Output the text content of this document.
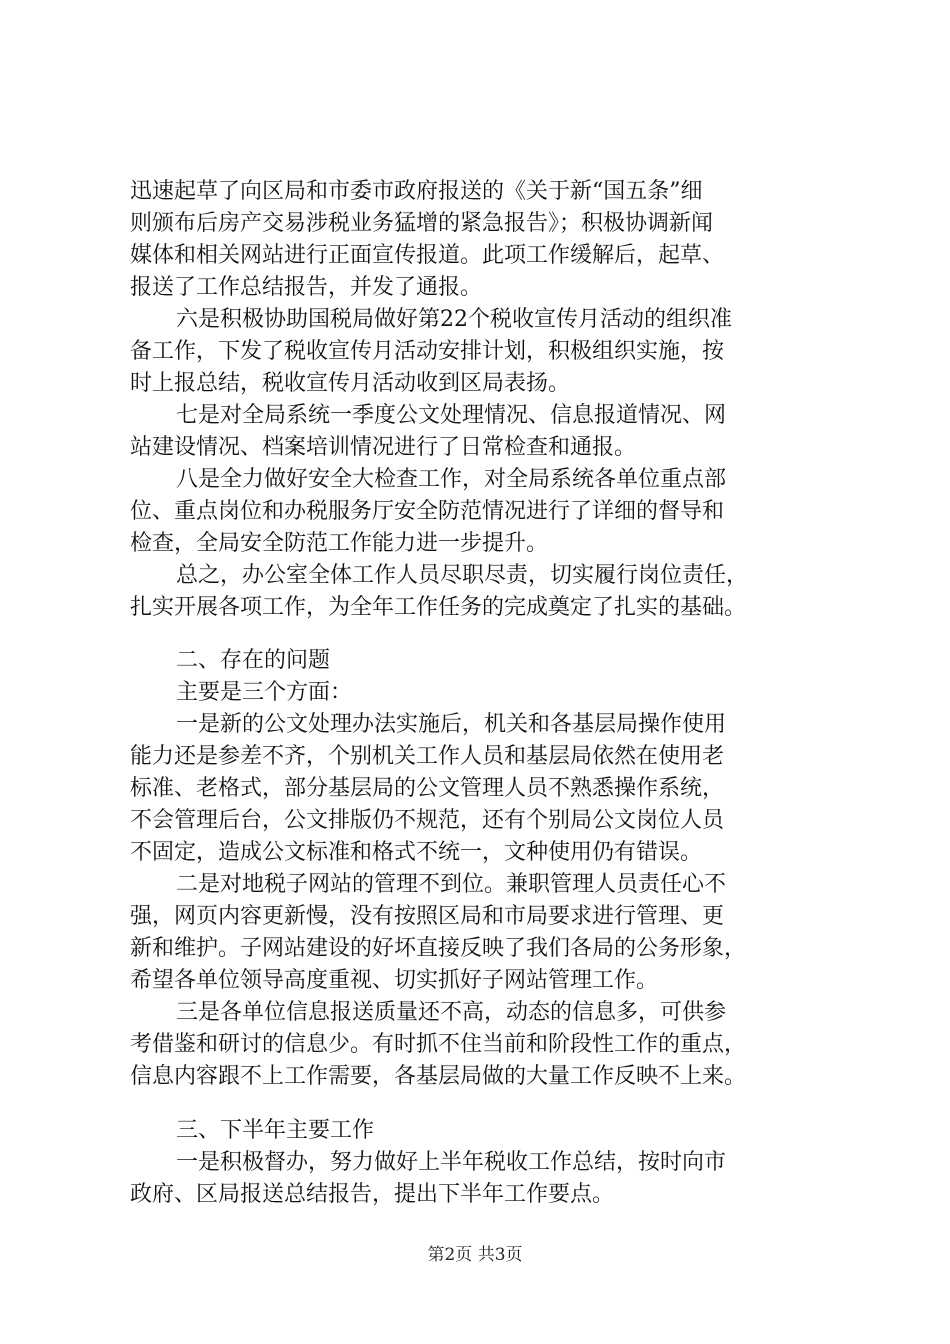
迅速起草了向区局和市委市政府报送的《关于新“国五条”细
则颁布后房产交易涉税业务猛增的紧急报告》；积极协调新闻
媒体和相关网站进行正面宣传报道。此项工作缓解后，起草、
报送了工作总结报告，并发了通报。
六是积极协助国税局做好第22个税收宣传月活动的组织准
备工作，下发了税收宣传月活动安排计划，积极组织实施，按
时上报总结，税收宣传月活动收到区局表扬。
七是对全局系统一季度公文处理情况、信息报道情况、网
站建设情况、档案培训情况进行了日常检查和通报。
八是全力做好安全大检查工作，对全局系统各单位重点部
位、重点岗位和办税服务厅安全防范情况进行了详细的督导和
检查，全局安全防范工作能力进一步提升。
总之，办公室全体工作人员尽职尽责，切实履行岗位责任，
扎实开展各项工作，为全年工作任务的完成奠定了扎实的基础。
二、存在的问题
主要是三个方面：
一是新的公文处理办法实施后，机关和各基层局操作使用
能力还是参差不齐，个别机关工作人员和基层局依然在使用老
标准、老格式，部分基层局的公文管理人员不熟悉操作系统，
不会管理后台，公文排版仍不规范，还有个别局公文岗位人员
不固定，造成公文标准和格式不统一，文种使用仍有错误。
二是对地税子网站的管理不到位。兼职管理人员责任心不
强，网页内容更新慢，没有按照区局和市局要求进行管理、更
新和维护。子网站建设的好坏直接反映了我们各局的公务形象，
希望各单位领导高度重视、切实抓好子网站管理工作。
三是各单位信息报送质量还不高，动态的信息多，可供参
考借鉴和研讨的信息少。有时抓不住当前和阶段性工作的重点，
信息内容跟不上工作需要，各基层局做的大量工作反映不上来。
三、下半年主要工作
一是积极督办，努力做好上半年税收工作总结，按时向市
政府、区局报送总结报告，提出下半年工作要点。
第2页 共3页
